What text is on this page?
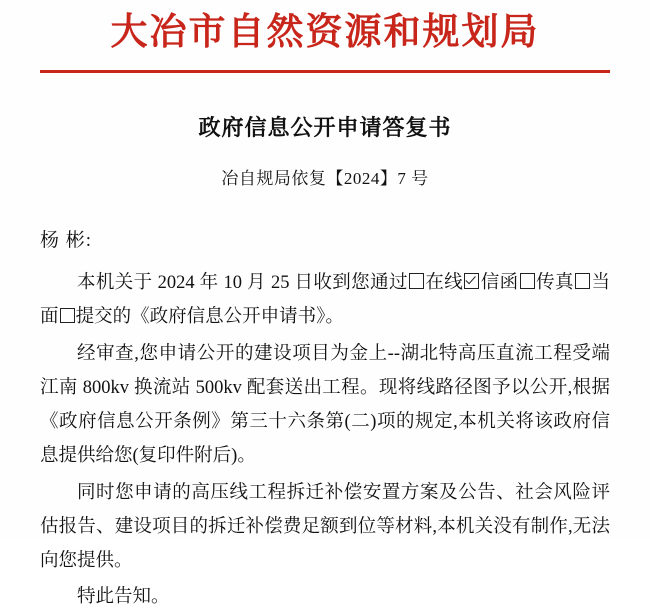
大冶市自然资源和规划局
政府信息公开申请答复书
冶自规局依复【2024】7 号
杨 彬:
本机关于 2024 年 10 月 25 日收到您通过 在线 信函 传真 当面 提交的《政府信息公开申请书》。
经审查,您申请公开的建设项目为金上--湖北特高压直流工程受端江南 800kv 换流站 500kv 配套送出工程。现将线路径图予以公开,根据《政府信息公开条例》第三十六条第(二)项的规定,本机关将该政府信息提供给您(复印件附后)。
同时您申请的高压线工程拆迁补偿安置方案及公告、社会风险评估报告、建设项目的拆迁补偿费足额到位等材料,本机关没有制作,无法向您提供。
特此告知。
